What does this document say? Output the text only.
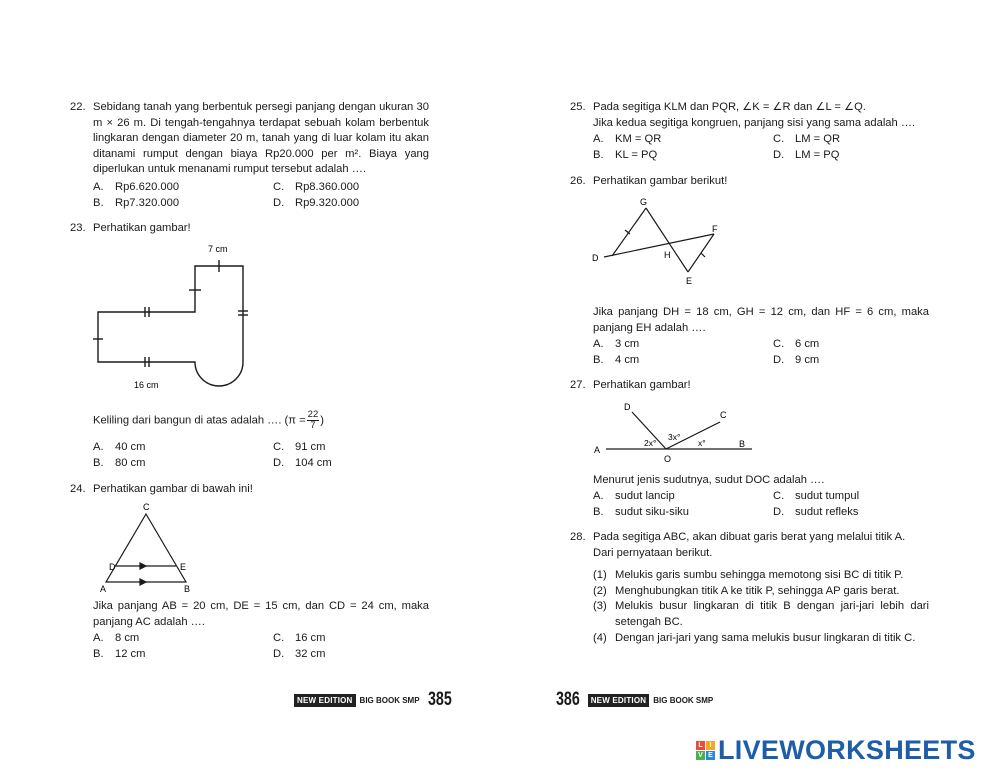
22. Sebidang tanah yang berbentuk persegi panjang dengan ukuran 30 m × 26 m. Di tengah-tengahnya terdapat sebuah kolam berbentuk lingkaran dengan diameter 20 m, tanah yang di luar kolam itu akan ditanami rumput dengan biaya Rp20.000 per m². Biaya yang diperlukan untuk menanami rumput tersebut adalah ….
A. Rp6.620.000
B. Rp7.320.000
C. Rp8.360.000
D. Rp9.320.000
23. Perhatikan gambar!
7 cm
16 cm
Keliling dari bangun di atas adalah …. ($\pi = \frac{22}{7}$ )
A. 40 cm
B. 80 cm
C. 91 cm
D. 104 cm
24. Perhatikan gambar di bawah ini!
C
D	E
A	B
Jika panjang AB = 20 cm, DE = 15 cm, dan CD = 24 cm, maka panjang AC adalah ….
A. 8 cm
B. 12 cm
C. 16 cm
D. 32 cm
NEW EDITION BIG BOOK SMP 385
25. Pada segitiga KLM dan PQR, ∠K = ∠R dan ∠L = ∠Q.
Jika kedua segitiga kongruen, panjang sisi yang sama adalah ….
A. KM = QR
B. KL = PQ
C. LM = QR
D. LM = PQ
26. Perhatikan gambar berikut!
G
F
D	H
E
Jika panjang DH = 18 cm, GH = 12 cm, dan HF = 6 cm, maka panjang EH adalah ….
A. 3 cm
B. 4 cm
C. 6 cm
D. 9 cm
27. Perhatikan gambar!
D
C
A
B
O
2x°
3x°
x°
Menurut jenis sudutnya, sudut DOC adalah ….
A. sudut lancip
B. sudut siku-siku
C. sudut tumpul
D. sudut refleks
28. Pada segitiga ABC, akan dibuat garis berat yang melalui titik A.
Dari pernyataan berikut.
(1) Melukis garis sumbu sehingga memotong sisi BC di titik P.
(2) Menghubungkan titik A ke titik P, sehingga AP garis berat.
(3) Melukis busur lingkaran di titik B dengan jari-jari lebih dari setengah BC.
(4) Dengan jari-jari yang sama melukis busur lingkaran di titik C.
386	NEW EDITION BIG BOOK SMP
L I
V E LIVEWORKSHEETS
